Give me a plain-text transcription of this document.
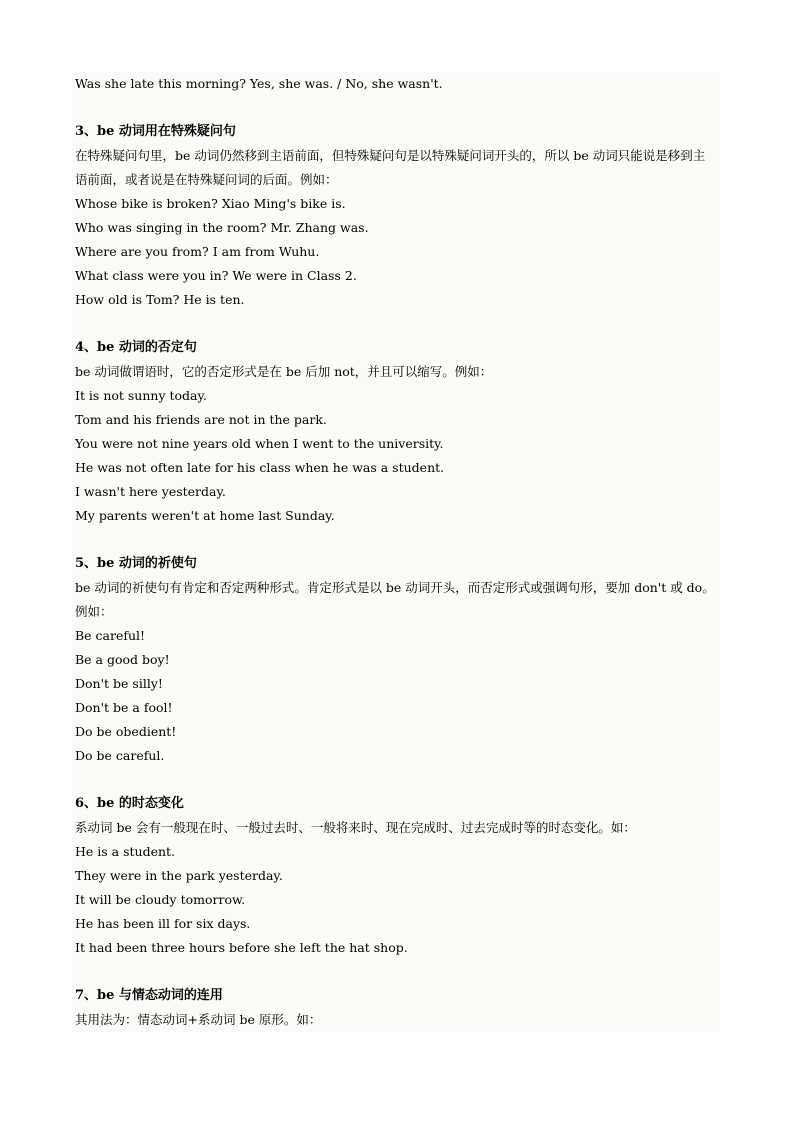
Was she late this morning? Yes, she was. / No, she wasn't.
3、be 动词用在特殊疑问句
在特殊疑问句里，be 动词仍然移到主语前面，但特殊疑问句是以特殊疑问词开头的，所以 be 动词只能说是移到主语前面，或者说是在特殊疑问词的后面。例如：
Whose bike is broken? Xiao Ming's bike is.
Who was singing in the room? Mr. Zhang was.
Where are you from? I am from Wuhu.
What class were you in? We were in Class 2.
How old is Tom? He is ten.
4、be 动词的否定句
be 动词做谓语时，它的否定形式是在 be 后加 not，并且可以缩写。例如：
It is not sunny today.
Tom and his friends are not in the park.
You were not nine years old when I went to the university.
He was not often late for his class when he was a student.
I wasn't here yesterday.
My parents weren't at home last Sunday.
5、be 动词的祈使句
be 动词的祈使句有肯定和否定两种形式。肯定形式是以 be 动词开头，而否定形式或强调句形，要加 don't 或 do。例如：
Be careful!
Be a good boy!
Don't be silly!
Don't be a fool!
Do be obedient!
Do be careful.
6、be 的时态变化
系动词 be 会有一般现在时、一般过去时、一般将来时、现在完成时、过去完成时等的时态变化。如：
He is a student.
They were in the park yesterday.
It will be cloudy tomorrow.
He has been ill for six days.
It had been three hours before she left the hat shop.
7、be 与情态动词的连用
其用法为：情态动词+系动词 be 原形。如：
